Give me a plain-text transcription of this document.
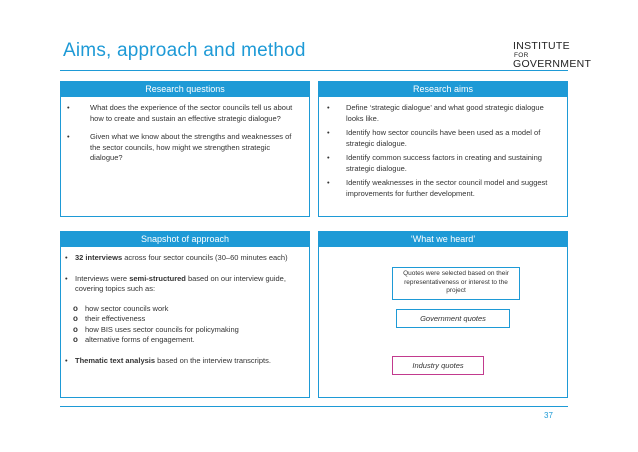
Aims, approach and method	INSTITUTE
FOR
GOVERNMENT
Research questions
•	What does the experience of the sector councils tell us about how to create and sustain an effective strategic dialogue?
•	Given what we know about the strengths and weaknesses of the sector councils, how might we strengthen strategic dialogue?
Research aims
• Define ‘strategic dialogue’ and what good strategic dialogue looks like.
• Identify how sector councils have been used as a model of strategic dialogue.
• Identify common success factors in creating and sustaining strategic dialogue.
• Identify weaknesses in the sector council model and suggest improvements for further development.
Snapshot of approach
• 32 interviews across four sector councils (30–60 minutes each)
• Interviews were semi-structured based on our interview guide, covering topics such as:
o how sector councils work
o their effectiveness
o how BIS uses sector councils for policymaking
o alternative forms of engagement.
• Thematic text analysis based on the interview transcripts.
‘What we heard’
Quotes were selected based on their representativeness or interest to the project
Government quotes
Industry quotes
37
